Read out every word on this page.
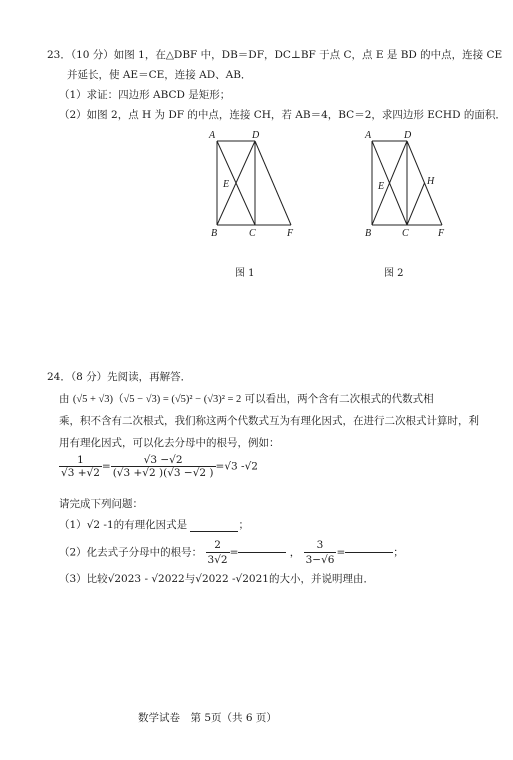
23．（10 分）如图 1，在△DBF 中，DB＝DF，DC⊥BF 于点 C，点 E 是 BD 的中点，连接 CE
并延长，使 AE＝CE，连接 AD、AB．
（1）求证：四边形 ABCD 是矩形；
（2）如图 2，点 H 为 DF 的中点，连接 CH，若 AB＝4，BC＝2，求四边形 ECHD 的面积．
A	D
E
B	C	F
图 1
A	D
E	H
B	C	F
图 2
24．（8 分）先阅读，再解答．
由 (√5 + √3)（√5 − √3) = (√5)² − (√3)² = 2 可以看出，两个含有二次根式的代数式相
乘，积不含有二次根式，我们称这两个代数式互为有理化因式，在进行二次根式计算时，利
用有理化因式，可以化去分母中的根号，例如：
$\frac{1}{√3 +√2} = \frac{√3 -√2}{(√3 +√2 )(√3 -√2 )} =√3$ -√2
请完成下列问题：
（1）√2 -1的有理化因式是	；
（2）化去式子分母中的根号： $\frac{2}{3√2}$ =	， $\frac{3}{3-√6}$ =	；
（3）比较√2023 - √2022与√2022 -√2021的大小，并说明理由．
数学试卷　第 5页（共 6 页）
